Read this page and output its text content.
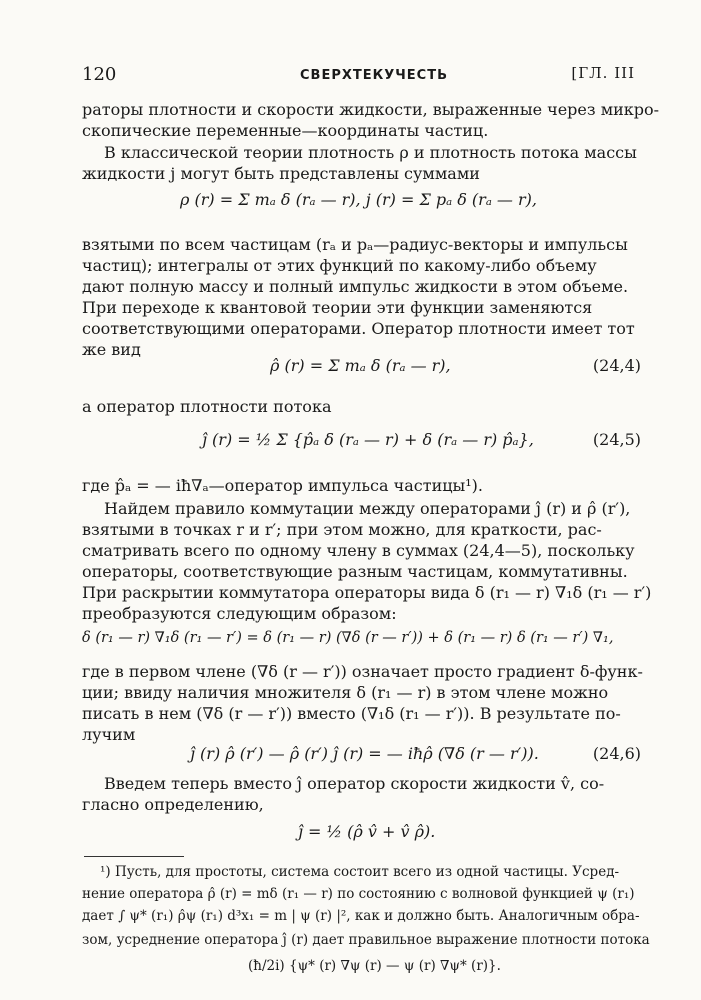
120	СВЕРХТЕКУЧЕСТЬ	[ГЛ. III
раторы плотности и скорости жидкости, выраженные через микро-
скопические переменные—координаты частиц.
В классической теории плотность ρ и плотность потока массы
жидкости j могут быть представлены суммами
ρ (r) = Σ mₐ δ (rₐ — r), j (r) = Σ pₐ δ (rₐ — r),
взятыми по всем частицам (rₐ и pₐ—радиус-векторы и импульсы
частиц); интегралы от этих функций по какому-либо объему
дают полную массу и полный импульс жидкости в этом объеме.
При переходе к квантовой теории эти функции заменяются
соответствующими операторами. Оператор плотности имеет тот
же вид
ρ̂ (r) = Σ mₐ δ (rₐ — r),	(24,4)
а оператор плотности потока
ĵ (r) = ½ Σ {p̂ₐ δ (rₐ — r) + δ (rₐ — r) p̂ₐ},	(24,5)
где p̂ₐ = — iħ∇ₐ—оператор импульса частицы¹).
Найдем правило коммутации между операторами ĵ (r) и ρ̂ (r′),
взятыми в точках r и r′; при этом можно, для краткости, рас-
сматривать всего по одному члену в суммах (24,4—5), поскольку
операторы, соответствующие разным частицам, коммутативны.
При раскрытии коммутатора операторы вида δ (r₁ — r) ∇₁δ (r₁ — r′)
преобразуются следующим образом:
δ (r₁ — r) ∇₁δ (r₁ — r′) = δ (r₁ — r) (∇δ (r — r′)) + δ (r₁ — r) δ (r₁ — r′) ∇₁,
где в первом члене (∇δ (r — r′)) означает просто градиент δ-функ-
ции; ввиду наличия множителя δ (r₁ — r) в этом члене можно
писать в нем (∇δ (r — r′)) вместо (∇₁δ (r₁ — r′)). В результате по-
лучим
ĵ (r) ρ̂ (r′) — ρ̂ (r′) ĵ (r) = — iħρ̂ (∇δ (r — r′)).	(24,6)
Введем теперь вместо ĵ оператор скорости жидкости v̂, со-
гласно определению,
ĵ = ½ (ρ̂ v̂ + v̂ ρ̂).
¹) Пусть, для простоты, система состоит всего из одной частицы. Усред-
нение оператора ρ̂ (r) = mδ (r₁ — r) по состоянию с волновой функцией ψ (r₁)
дает ∫ ψ* (r₁) ρ̂ψ (r₁) d³x₁ = m | ψ (r) |², как и должно быть. Аналогичным обра-
зом, усреднение оператора ĵ (r) дает правильное выражение плотности потока
(ħ/2i) {ψ* (r) ∇ψ (r) — ψ (r) ∇ψ* (r)}.
